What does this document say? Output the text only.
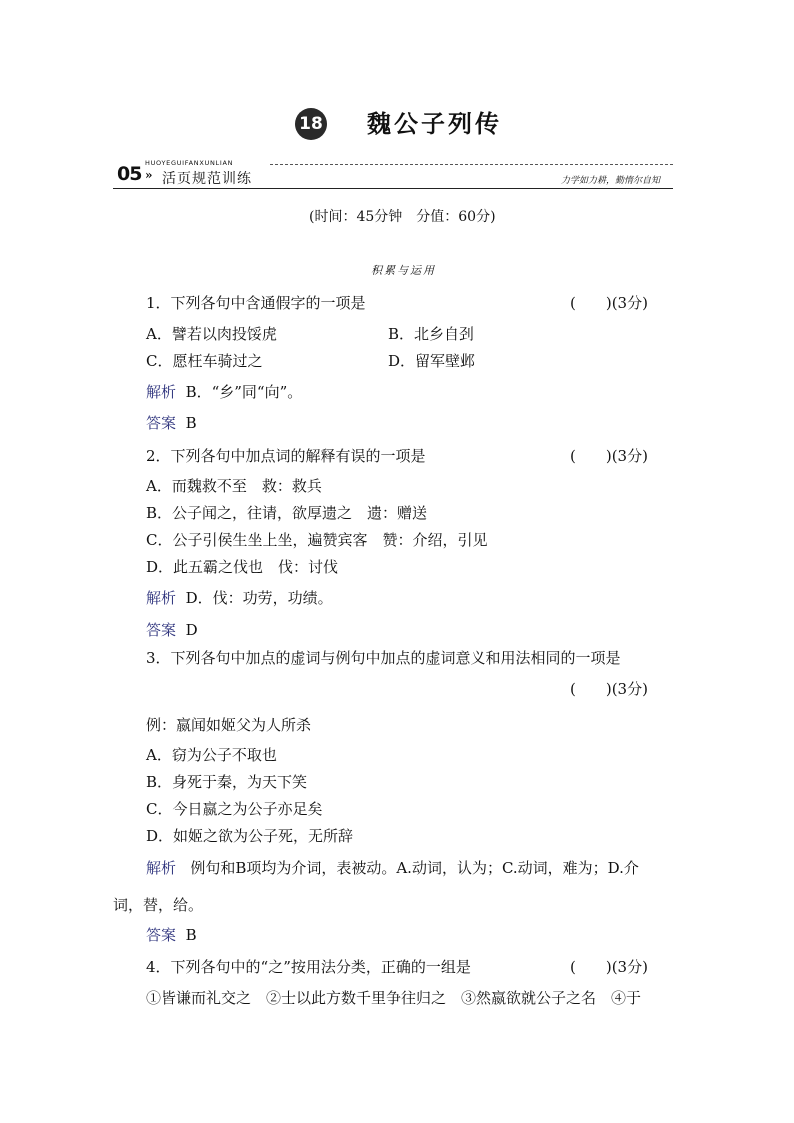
18 魏公子列传
05 HUOYEGUIFANXUNLIAN
» 活页规范训练	力学如力耕，勤惰尔自知
(时间：45分钟　分值：60分)
积累与运用
1．下列各句中含通假字的一项是	(　　)(3分)
A．譬若以肉投馁虎	B．北乡自刭
C．愿枉车骑过之	D．留军壁邺
解析 B．“乡”同“向”。
答案 B
2．下列各句中加点词的解释有误的一项是	(　　)(3分)
A．而魏救不至　救：救兵
B．公子闻之，往请，欲厚遗之　遗：赠送
C．公子引侯生坐上坐，遍赞宾客　赞：介绍，引见
D．此五霸之伐也　伐：讨伐
解析 D．伐：功劳，功绩。
答案 D
3．下列各句中加点的虚词与例句中加点的虚词意义和用法相同的一项是
(　　)(3分)
例：嬴闻如姬父为人所杀
A．窃为公子不取也
B．身死于秦，为天下笑
C．今日嬴之为公子亦足矣
D．如姬之欲为公子死，无所辞
解析 例句和B项均为介词，表被动。A.动词，认为；C.动词，难为；D.介
词，替，给。
答案 B
4．下列各句中的“之”按用法分类，正确的一组是	(　　)(3分)
①皆谦而礼交之　②士以此方数千里争往归之　③然嬴欲就公子之名　④于
